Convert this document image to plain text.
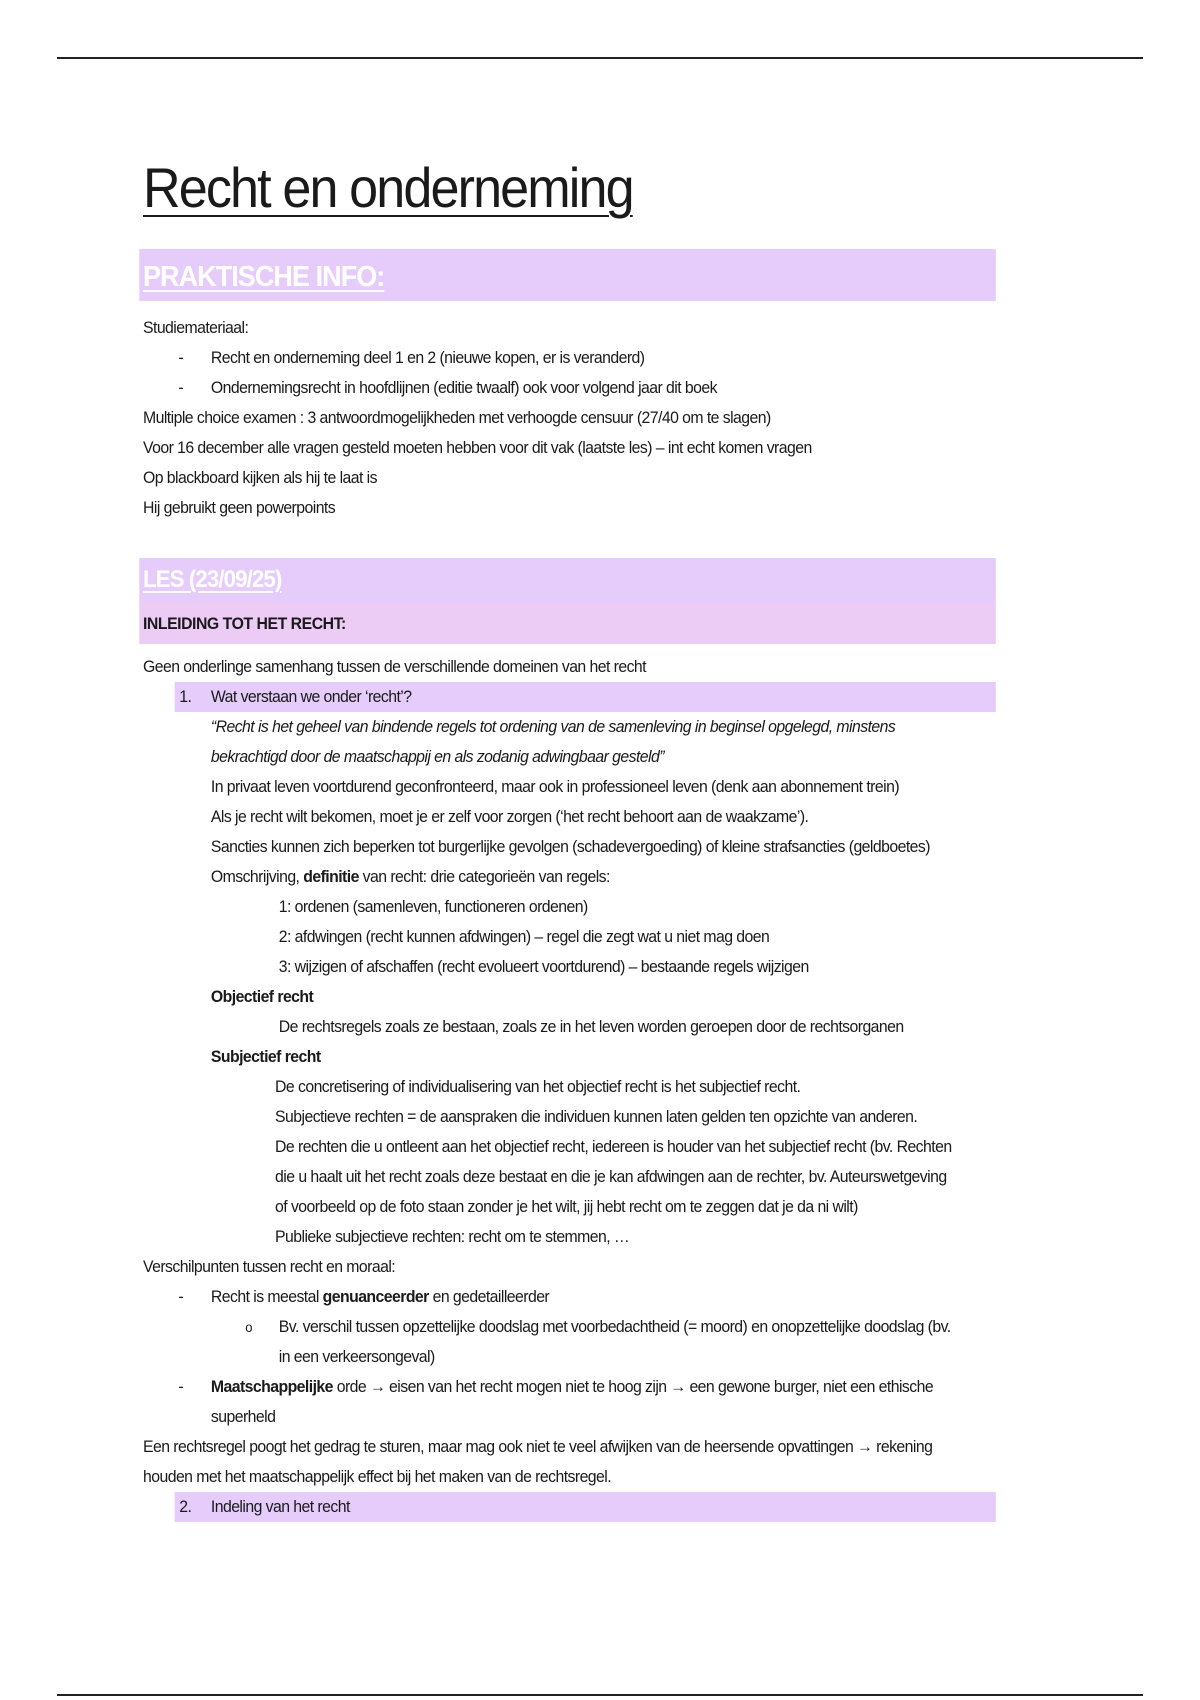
Recht en onderneming
PRAKTISCHE INFO:
Studiemateriaal:
- Recht en onderneming deel 1 en 2 (nieuwe kopen, er is veranderd)
- Ondernemingsrecht in hoofdlijnen (editie twaalf) ook voor volgend jaar dit boek
Multiple choice examen : 3 antwoordmogelijkheden met verhoogde censuur (27/40 om te slagen)
Voor 16 december alle vragen gesteld moeten hebben voor dit vak (laatste les) – int echt komen vragen
Op blackboard kijken als hij te laat is
Hij gebruikt geen powerpoints
LES (23/09/25)
INLEIDING TOT HET RECHT:
Geen onderlinge samenhang tussen de verschillende domeinen van het recht
1. Wat verstaan we onder ‘recht’?
“Recht is het geheel van bindende regels tot ordening van de samenleving in beginsel opgelegd, minstens
bekrachtigd door de maatschappij en als zodanig adwingbaar gesteld”
In privaat leven voortdurend geconfronteerd, maar ook in professioneel leven (denk aan abonnement trein)
Als je recht wilt bekomen, moet je er zelf voor zorgen (‘het recht behoort aan de waakzame’).
Sancties kunnen zich beperken tot burgerlijke gevolgen (schadevergoeding) of kleine strafsancties (geldboetes)
Omschrijving, definitie van recht: drie categorieën van regels:
1: ordenen (samenleven, functioneren ordenen)
2: afdwingen (recht kunnen afdwingen) – regel die zegt wat u niet mag doen
3: wijzigen of afschaffen (recht evolueert voortdurend) – bestaande regels wijzigen
Objectief recht
De rechtsregels zoals ze bestaan, zoals ze in het leven worden geroepen door de rechtsorganen
Subjectief recht
De concretisering of individualisering van het objectief recht is het subjectief recht.
Subjectieve rechten = de aanspraken die individuen kunnen laten gelden ten opzichte van anderen.
De rechten die u ontleent aan het objectief recht, iedereen is houder van het subjectief recht (bv. Rechten
die u haalt uit het recht zoals deze bestaat en die je kan afdwingen aan de rechter, bv. Auteurswetgeving
of voorbeeld op de foto staan zonder je het wilt, jij hebt recht om te zeggen dat je da ni wilt)
Publieke subjectieve rechten: recht om te stemmen, …
Verschilpunten tussen recht en moraal:
- Recht is meestal genuanceerder en gedetailleerder
o Bv. verschil tussen opzettelijke doodslag met voorbedachtheid (= moord) en onopzettelijke doodslag (bv.
in een verkeersongeval)
- Maatschappelijke orde → eisen van het recht mogen niet te hoog zijn → een gewone burger, niet een ethische
superheld
Een rechtsregel poogt het gedrag te sturen, maar mag ook niet te veel afwijken van de heersende opvattingen → rekening
houden met het maatschappelijk effect bij het maken van de rechtsregel.
2. Indeling van het recht
